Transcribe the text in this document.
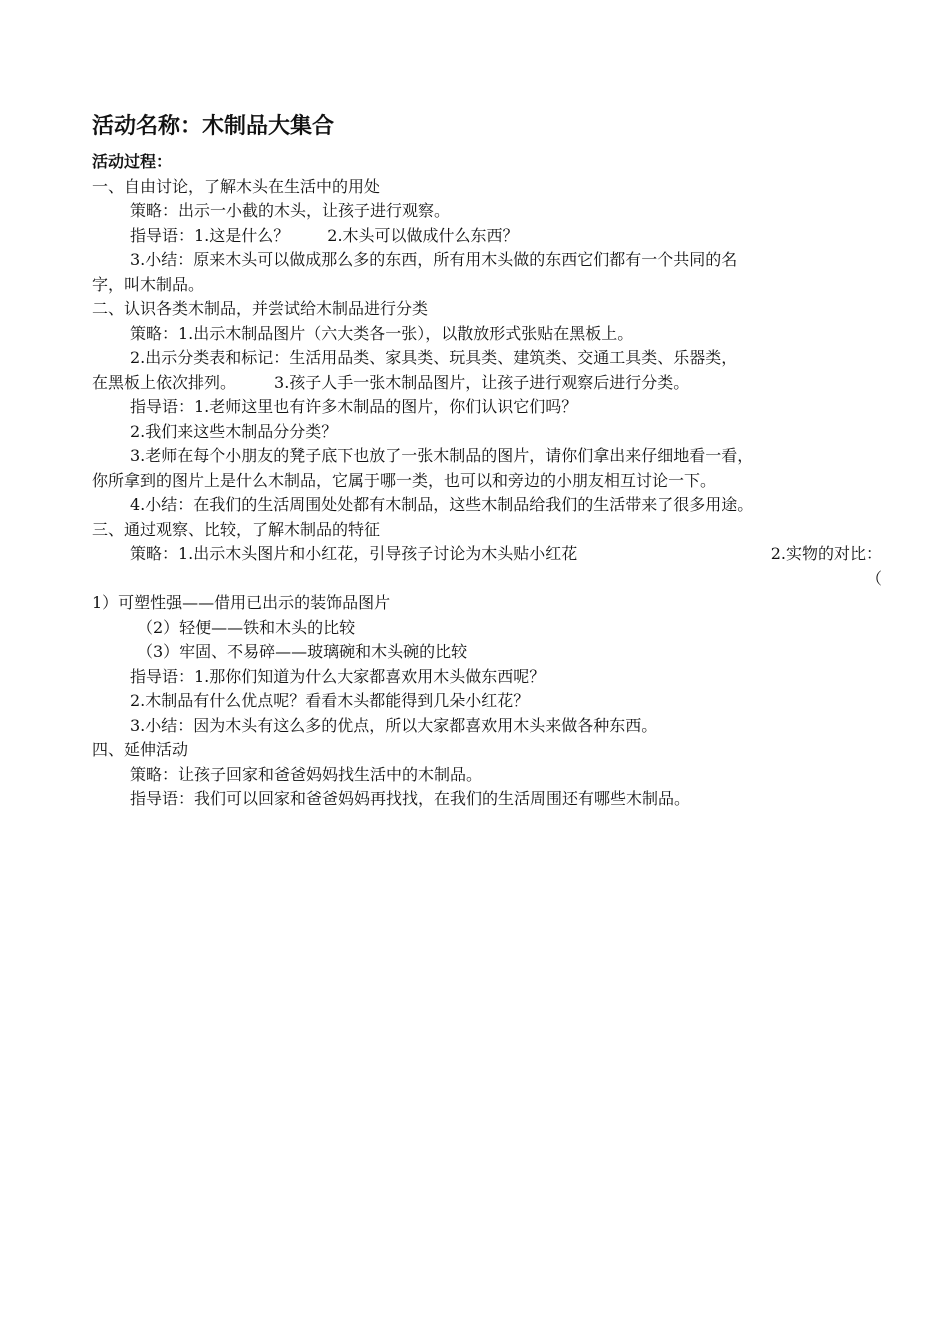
活动名称：木制品大集合
活动过程：
一、自由讨论，了解木头在生活中的用处
策略：出示一小截的木头，让孩子进行观察。
指导语：1.这是什么？ 2.木头可以做成什么东西？
3.小结：原来木头可以做成那么多的东西，所有用木头做的东西它们都有一个共同的名
字，叫木制品。
二、认识各类木制品，并尝试给木制品进行分类
策略：1.出示木制品图片（六大类各一张），以散放形式张贴在黑板上。
2.出示分类表和标记：生活用品类、家具类、玩具类、建筑类、交通工具类、乐器类，
在黑板上依次排列。 3.孩子人手一张木制品图片，让孩子进行观察后进行分类。
指导语：1.老师这里也有许多木制品的图片，你们认识它们吗？
2.我们来这些木制品分分类？
3.老师在每个小朋友的凳子底下也放了一张木制品的图片，请你们拿出来仔细地看一看，
你所拿到的图片上是什么木制品，它属于哪一类，也可以和旁边的小朋友相互讨论一下。
4.小结：在我们的生活周围处处都有木制品，这些木制品给我们的生活带来了很多用途。
三、通过观察、比较，了解木制品的特征
策略：1.出示木头图片和小红花，引导孩子讨论为木头贴小红花	2.实物的对比：
（
1）可塑性强——借用已出示的装饰品图片
（2）轻便——铁和木头的比较
（3）牢固、不易碎——玻璃碗和木头碗的比较
指导语：1.那你们知道为什么大家都喜欢用木头做东西呢？
2.木制品有什么优点呢？看看木头都能得到几朵小红花？
3.小结：因为木头有这么多的优点，所以大家都喜欢用木头来做各种东西。
四、延伸活动
策略：让孩子回家和爸爸妈妈找生活中的木制品。
指导语：我们可以回家和爸爸妈妈再找找，在我们的生活周围还有哪些木制品。
